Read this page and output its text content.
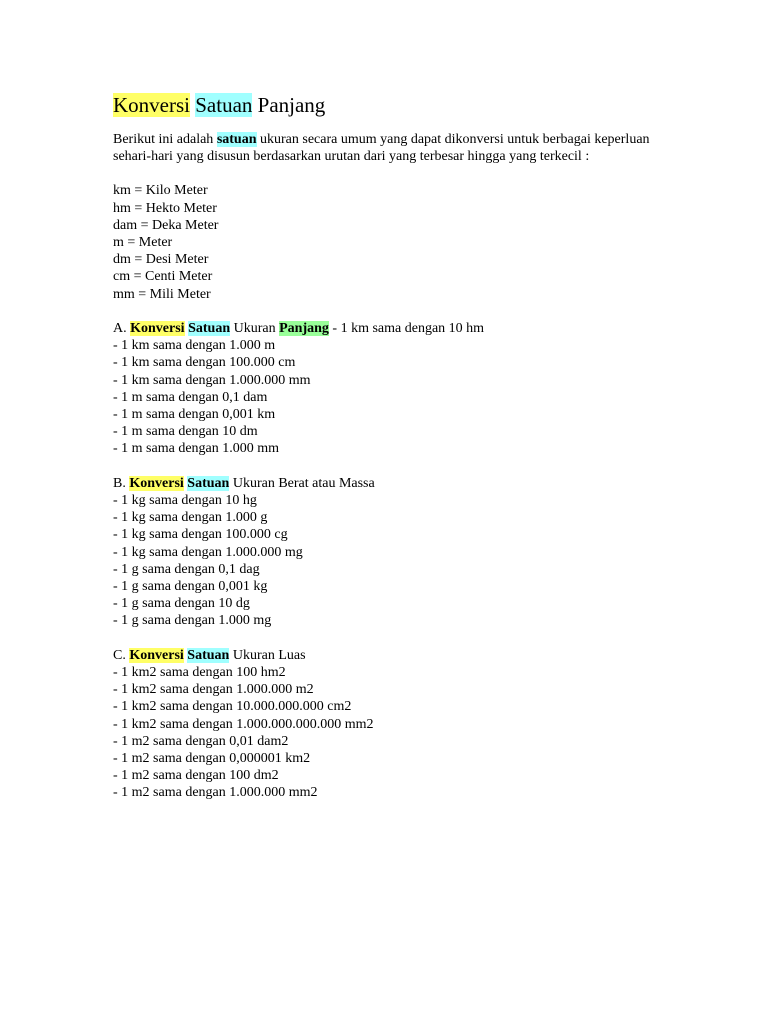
Konversi Satuan Panjang

Berikut ini adalah satuan ukuran secara umum yang dapat dikonversi untuk berbagai keperluan sehari-hari yang disusun berdasarkan urutan dari yang terbesar hingga yang terkecil :

km = Kilo Meter
hm = Hekto Meter
dam = Deka Meter
m = Meter
dm = Desi Meter
cm = Centi Meter
mm = Mili Meter
A. Konversi Satuan Ukuran Panjang - 1 km sama dengan 10 hm
- 1 km sama dengan 1.000 m
- 1 km sama dengan 100.000 cm
- 1 km sama dengan 1.000.000 mm
- 1 m sama dengan 0,1 dam
- 1 m sama dengan 0,001 km
- 1 m sama dengan 10 dm
- 1 m sama dengan 1.000 mm
B. Konversi Satuan Ukuran Berat atau Massa
- 1 kg sama dengan 10 hg
- 1 kg sama dengan 1.000 g
- 1 kg sama dengan 100.000 cg
- 1 kg sama dengan 1.000.000 mg
- 1 g sama dengan 0,1 dag
- 1 g sama dengan 0,001 kg
- 1 g sama dengan 10 dg
- 1 g sama dengan 1.000 mg
C. Konversi Satuan Ukuran Luas
- 1 km2 sama dengan 100 hm2
- 1 km2 sama dengan 1.000.000 m2
- 1 km2 sama dengan 10.000.000.000 cm2
- 1 km2 sama dengan 1.000.000.000.000 mm2
- 1 m2 sama dengan 0,01 dam2
- 1 m2 sama dengan 0,000001 km2
- 1 m2 sama dengan 100 dm2
- 1 m2 sama dengan 1.000.000 mm2
